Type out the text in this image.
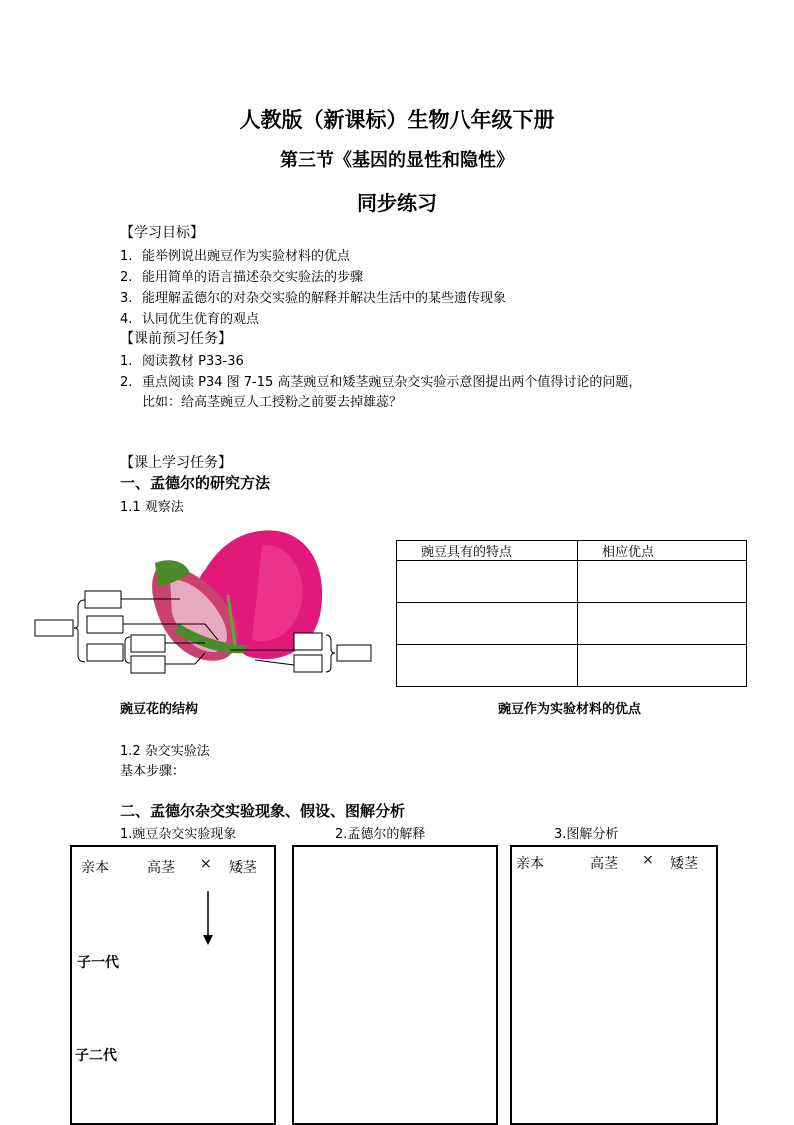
人教版（新课标）生物八年级下册
第三节《基因的显性和隐性》
同步练习
【学习目标】
1. 能举例说出豌豆作为实验材料的优点
2. 能用简单的语言描述杂交实验法的步骤
3. 能理解孟德尔的对杂交实验的解释并解决生活中的某些遗传现象
4. 认同优生优育的观点
【课前预习任务】
1. 阅读教材 P33-36
2. 重点阅读 P34 图 7-15 高茎豌豆和矮茎豌豆杂交实验示意图提出两个值得讨论的问题，
比如：给高茎豌豆人工授粉之前要去掉雄蕊？
【课上学习任务】
一、孟德尔的研究方法
1.1 观察法
豌豆具有的特点	相应优点

豌豆花的结构	豌豆作为实验材料的优点
1.2 杂交实验法
基本步骤：
二、孟德尔杂交实验现象、假设、图解分析
1.豌豆杂交实验现象	2.孟德尔的解释	3.图解分析
亲本	高茎 × 矮茎
子一代
子二代
亲本	高茎 × 矮茎
